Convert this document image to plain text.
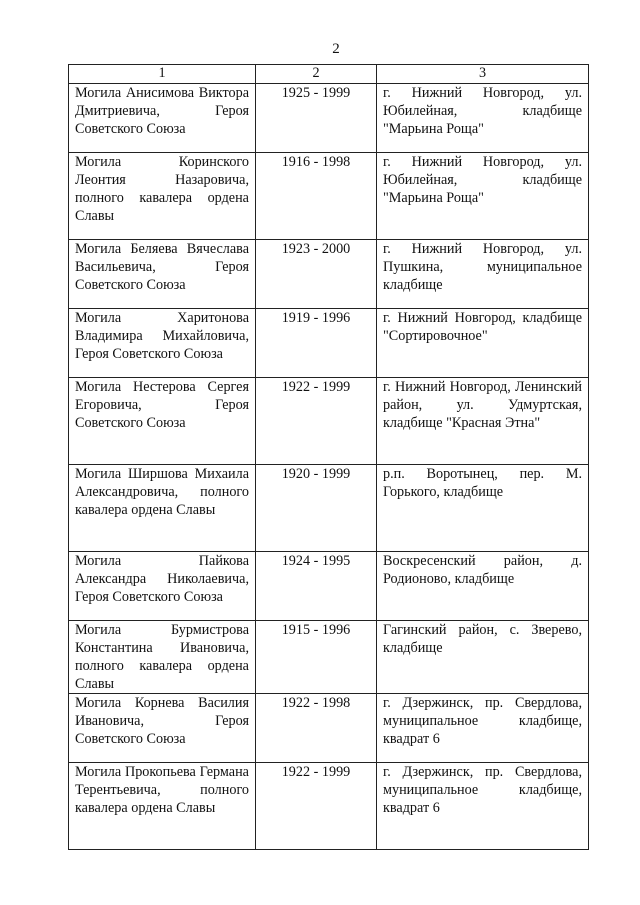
2
1	2	3
Могила Анисимова Виктора Дмитриевича, Героя Советского Союза	1925 - 1999	г. Нижний Новгород, ул. Юбилейная, кладбище "Марьина Роща"
Могила Коринского Леонтия Назаровича, полного кавалера ордена Славы	1916 - 1998	г. Нижний Новгород, ул. Юбилейная, кладбище "Марьина Роща"
Могила Беляева Вячеслава Васильевича, Героя Советского Союза	1923 - 2000	г. Нижний Новгород, ул. Пушкина, муниципальное кладбище
Могила Харитонова Владимира Михайловича, Героя Советского Союза	1919 - 1996	г. Нижний Новгород, кладбище "Сортировочное"
Могила Нестерова Сергея Егоровича, Героя Советского Союза	1922 - 1999	г. Нижний Новгород, Ленинский район, ул. Удмуртская, кладбище "Красная Этна"
Могила Ширшова Михаила Александровича, полного кавалера ордена Славы	1920 - 1999	р.п. Воротынец, пер. М. Горького, кладбище
Могила Пайкова Александра Николаевича, Героя Советского Союза	1924 - 1995	Воскресенский район, д. Родионово, кладбище
Могила Бурмистрова Константина Ивановича, полного кавалера ордена Славы	1915 - 1996	Гагинский район, с. Зверево, кладбище
Могила Корнева Василия Ивановича, Героя Советского Союза	1922 - 1998	г. Дзержинск, пр. Свердлова, муниципальное кладбище, квадрат 6
Могила Прокопьева Германа Терентьевича, полного кавалера ордена Славы	1922 - 1999	г. Дзержинск, пр. Свердлова, муниципальное кладбище, квадрат 6
